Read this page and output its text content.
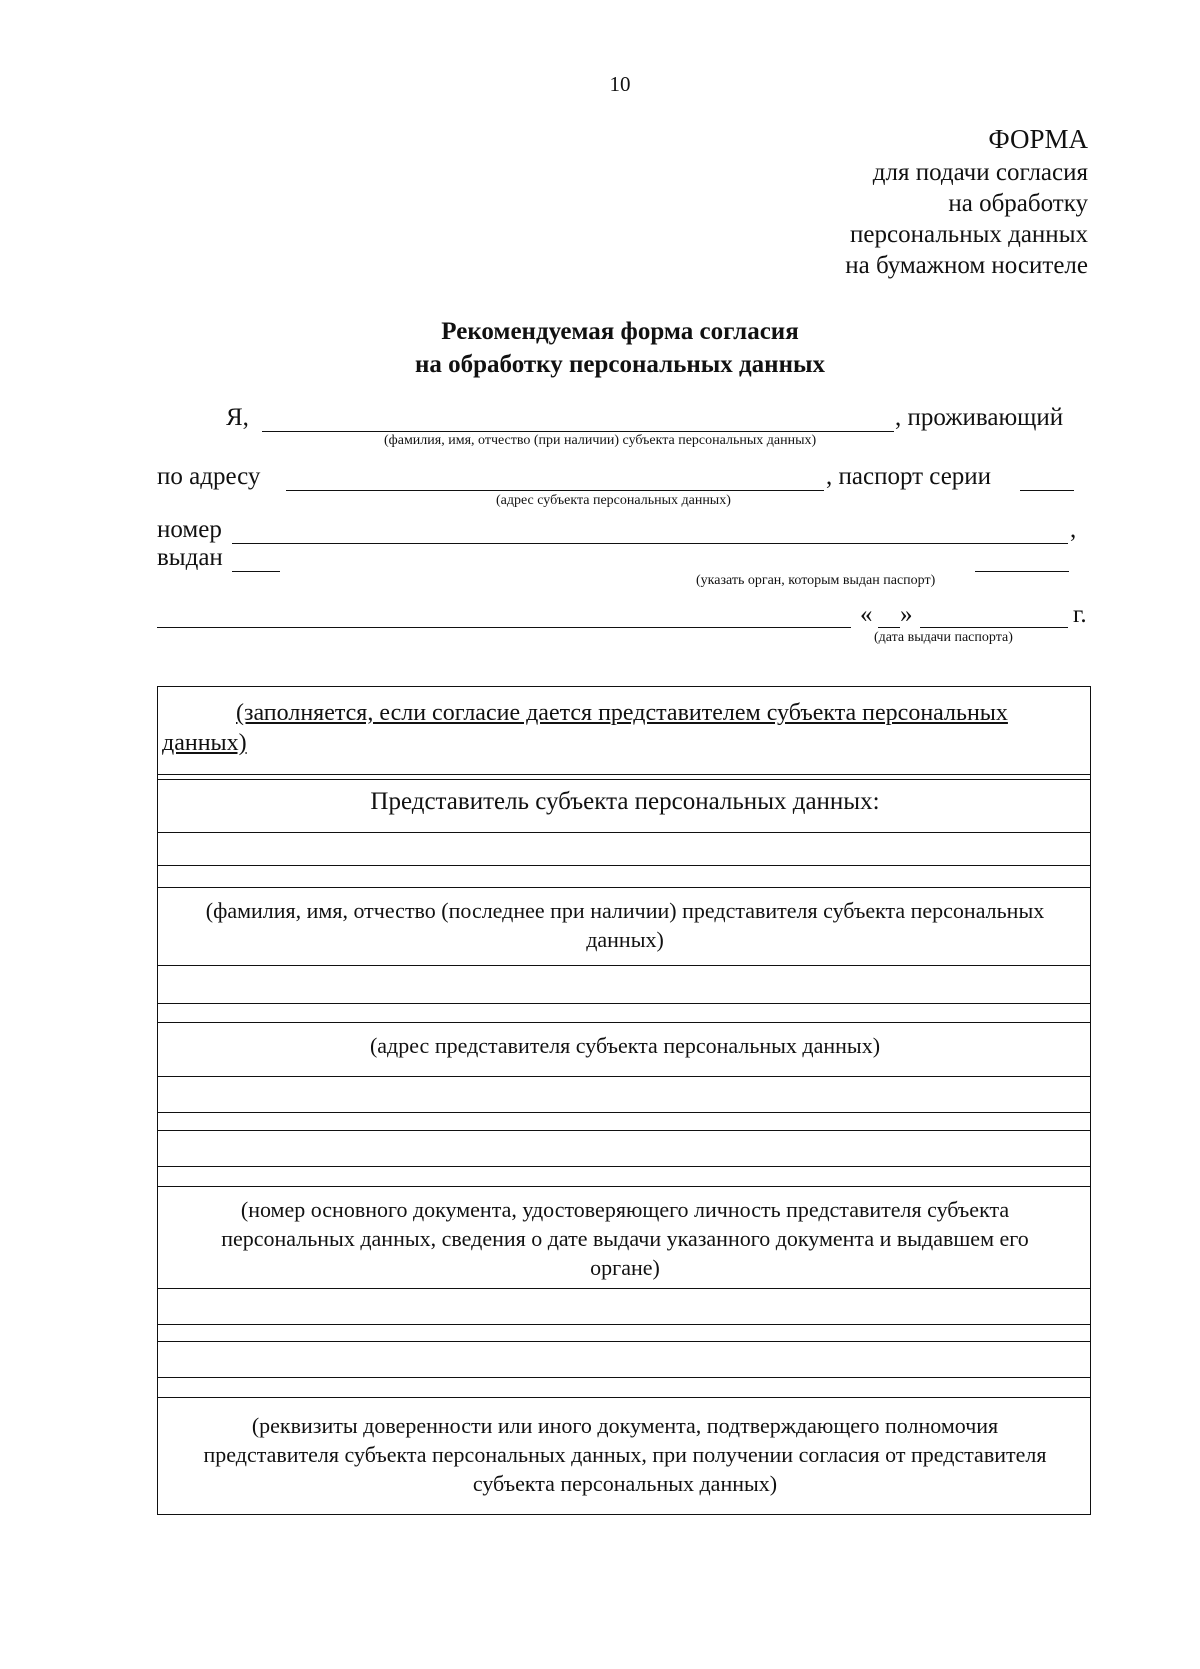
10
ФОРМА
для подачи согласия
на обработку
персональных данных
на бумажном носителе
Рекомендуемая форма согласия
на обработку персональных данных
Я,	, проживающий
(фамилия, имя, отчество (при наличии) субъекта персональных данных)
по адресу	, паспорт серии
(адрес субъекта персональных данных)
номер	,
выдан
(указать орган, которым выдан паспорт)
« »	г.
(дата выдачи паспорта)
(заполняется, если согласие дается представителем субъекта персональных
данных)
Представитель субъекта персональных данных:
(фамилия, имя, отчество (последнее при наличии) представителя субъекта персональных
данных)
(адрес представителя субъекта персональных данных)
(номер основного документа, удостоверяющего личность представителя субъекта
персональных данных, сведения о дате выдачи указанного документа и выдавшем его
органе)
(реквизиты доверенности или иного документа, подтверждающего полномочия
представителя субъекта персональных данных, при получении согласия от представителя
субъекта персональных данных)
